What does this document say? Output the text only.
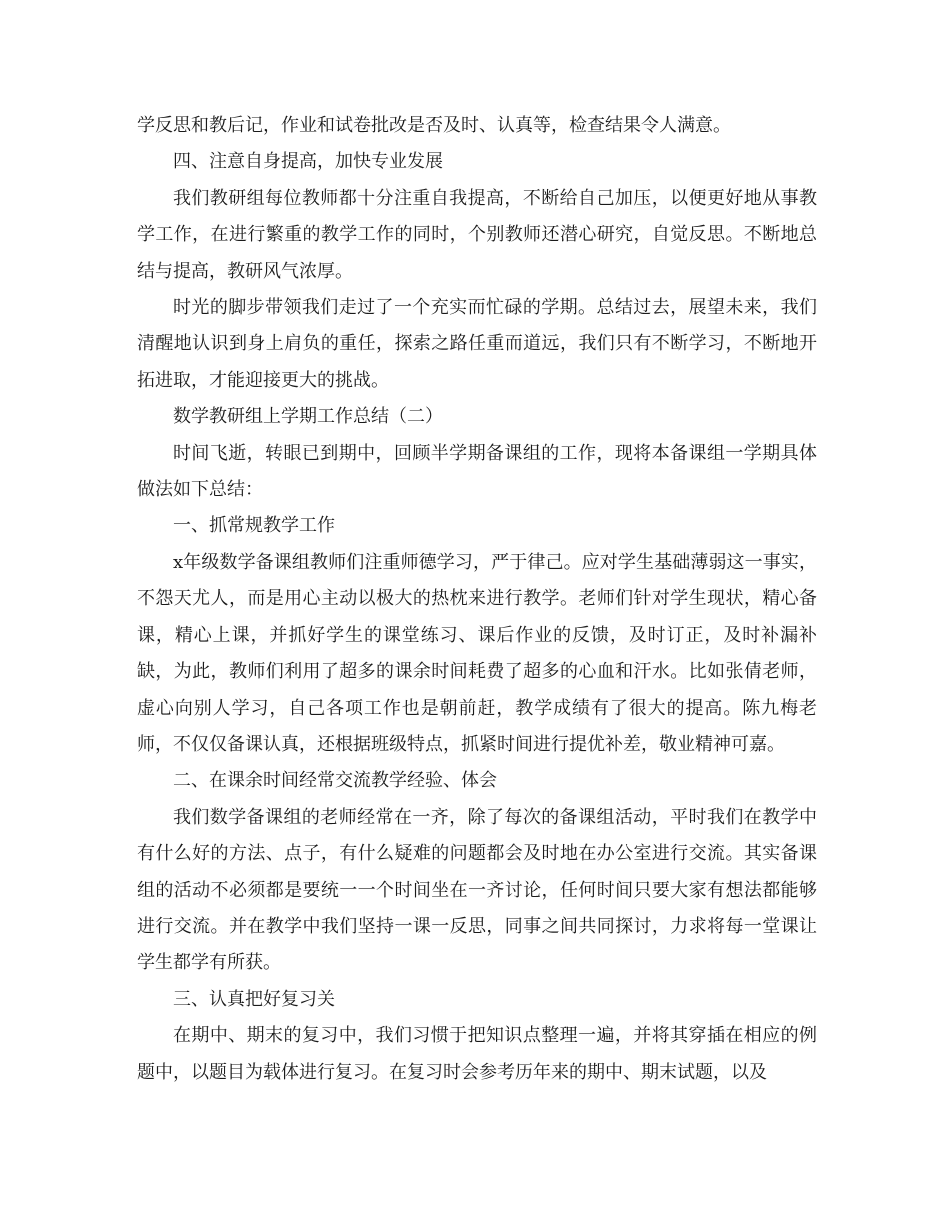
学反思和教后记，作业和试卷批改是否及时、认真等，检查结果令人满意。

四、注意自身提高，加快专业发展

我们教研组每位教师都十分注重自我提高，不断给自己加压，以便更好地从事教学工作，在进行繁重的教学工作的同时，个别教师还潜心研究，自觉反思。不断地总结与提高，教研风气浓厚。

时光的脚步带领我们走过了一个充实而忙碌的学期。总结过去，展望未来，我们清醒地认识到身上肩负的重任，探索之路任重而道远，我们只有不断学习，不断地开拓进取，才能迎接更大的挑战。

数学教研组上学期工作总结（二）

时间飞逝，转眼已到期中，回顾半学期备课组的工作，现将本备课组一学期具体做法如下总结：

一、抓常规教学工作

x年级数学备课组教师们注重师德学习，严于律己。应对学生基础薄弱这一事实，不怨天尤人，而是用心主动以极大的热枕来进行教学。老师们针对学生现状，精心备课，精心上课，并抓好学生的课堂练习、课后作业的反馈，及时订正，及时补漏补缺，为此，教师们利用了超多的课余时间耗费了超多的心血和汗水。比如张倩老师，虚心向别人学习，自己各项工作也是朝前赶，教学成绩有了很大的提高。陈九梅老师，不仅仅备课认真，还根据班级特点，抓紧时间进行提优补差，敬业精神可嘉。

二、在课余时间经常交流教学经验、体会

我们数学备课组的老师经常在一齐，除了每次的备课组活动，平时我们在教学中有什么好的方法、点子，有什么疑难的问题都会及时地在办公室进行交流。其实备课组的活动不必须都是要统一一个时间坐在一齐讨论，任何时间只要大家有想法都能够进行交流。并在教学中我们坚持一课一反思，同事之间共同探讨，力求将每一堂课让学生都学有所获。

三、认真把好复习关

在期中、期末的复习中，我们习惯于把知识点整理一遍，并将其穿插在相应的例题中，以题目为载体进行复习。在复习时会参考历年来的期中、期末试题，以及
